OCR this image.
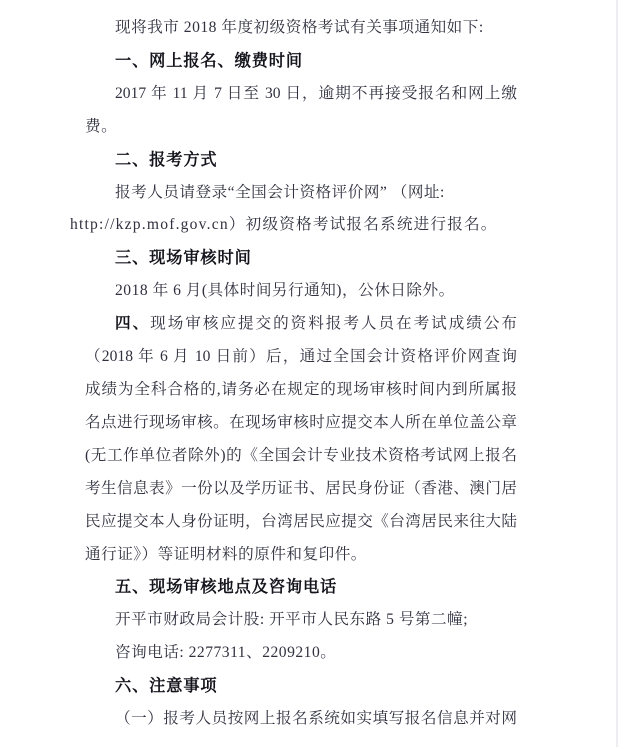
现将我市 2018 年度初级资格考试有关事项通知如下:
一、网上报名、缴费时间
2017 年 11 月 7 日至 30 日，逾期不再接受报名和网上缴
费。
二、报考方式
报考人员请登录“全国会计资格评价网” （网址:
http://kzp.mof.gov.cn）初级资格考试报名系统进行报名。
三、现场审核时间
2018 年 6 月(具体时间另行通知)，公休日除外。
四、现场审核应提交的资料报考人员在考试成绩公布
（2018 年 6 月 10 日前）后，通过全国会计资格评价网查询
成绩为全科合格的,请务必在规定的现场审核时间内到所属报
名点进行现场审核。在现场审核时应提交本人所在单位盖公章
(无工作单位者除外)的《全国会计专业技术资格考试网上报名
考生信息表》一份以及学历证书、居民身份证（香港、澳门居
民应提交本人身份证明，台湾居民应提交《台湾居民来往大陆
通行证》）等证明材料的原件和复印件。
五、现场审核地点及咨询电话
开平市财政局会计股: 开平市人民东路 5 号第二幢;
咨询电话: 2277311、2209210。
六、注意事项
（一）报考人员按网上报名系统如实填写报名信息并对网
